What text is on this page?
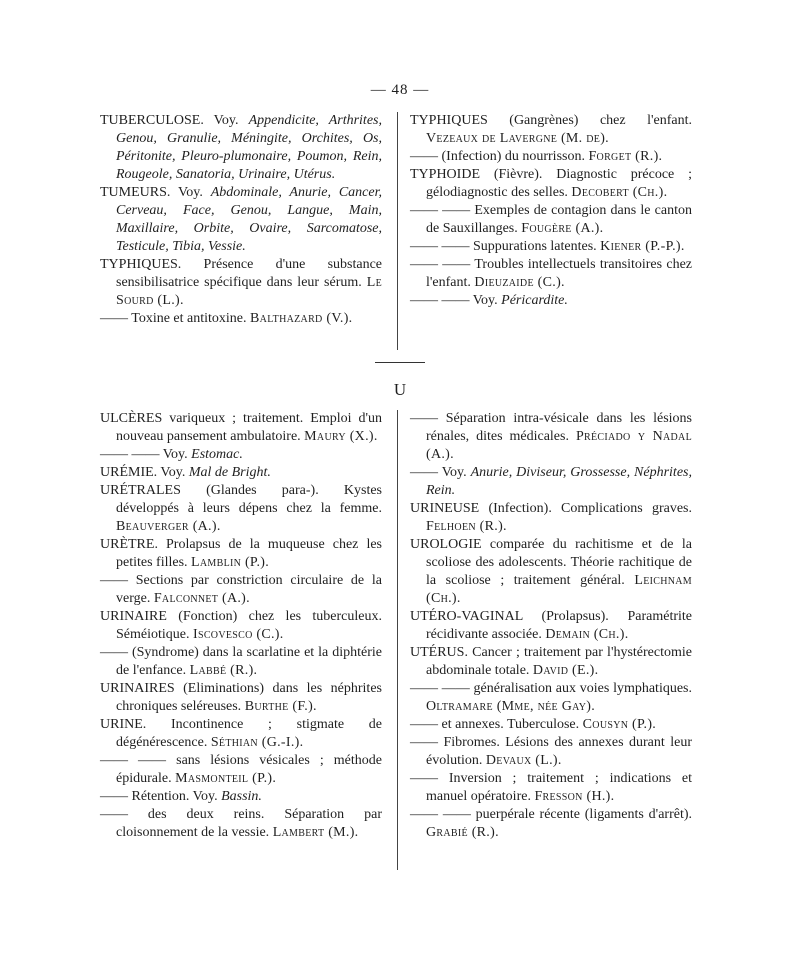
— 48 —

TUBERCULOSE. Voy. Appendicite, Arthrites, Genou, Granulie, Méningite, Orchites, Os, Péritonite, Pleuro-plumonaire, Poumon, Rein, Rougeole, Sanatoria, Urinaire, Utérus.

TUMEURS. Voy. Abdominale, Anurie, Cancer, Cerveau, Face, Genou, Langue, Main, Maxillaire, Orbite, Ovaire, Sarcomatose, Testicule, Tibia, Vessie.

TYPHIQUES. Présence d'une substance sensibilisatrice spécifique dans leur sérum. Le Sourd (L.).

—— Toxine et antitoxine. Balthazard (V.).

TYPHIQUES (Gangrènes) chez l'enfant. Vezeaux de Lavergne (M. de).

—— (Infection) du nourrisson. Forget (R.).

TYPHOIDE (Fièvre). Diagnostic précoce ; gélodiagnostic des selles. Decobert (Ch.).

—— —— Exemples de contagion dans le canton de Sauxillanges. Fougère (A.).

—— —— Suppurations latentes. Kiener (P.-P.).

—— —— Troubles intellectuels transitoires chez l'enfant. Dieuzaide (C.).

—— —— Voy. Péricardite.

U

ULCÈRES variqueux ; traitement. Emploi d'un nouveau pansement ambulatoire. Maury (X.).

—— —— Voy. Estomac.

URÉMIE. Voy. Mal de Bright.

URÉTRALES (Glandes para-). Kystes développés à leurs dépens chez la femme. Beauverger (A.).

URÈTRE. Prolapsus de la muqueuse chez les petites filles. Lamblin (P.).

—— Sections par constriction circulaire de la verge. Falconnet (A.).

URINAIRE (Fonction) chez les tuberculeux. Séméiotique. Iscovesco (C.).

—— (Syndrome) dans la scarlatine et la diphtérie de l'enfance. Labbé (R.).

URINAIRES (Eliminations) dans les néphrites chroniques seléreuses. Burthe (F.).

URINE. Incontinence ; stigmate de dégénérescence. Séthian (G.-I.).

—— —— sans lésions vésicales ; méthode épidurale. Masmonteil (P.).

—— Rétention. Voy. Bassin.

—— des deux reins. Séparation par cloisonnement de la vessie. Lambert (M.).

—— Séparation intra-vésicale dans les lésions rénales, dites médicales. Préciado y Nadal (A.).

—— Voy. Anurie, Diviseur, Grossesse, Néphrites, Rein.

URINEUSE (Infection). Complications graves. Felhoen (R.).

UROLOGIE comparée du rachitisme et de la scoliose des adolescents. Théorie rachitique de la scoliose ; traitement général. Leichnam (Ch.).

UTÉRO-VAGINAL (Prolapsus). Paramétrite récidivante associée. Demain (Ch.).

UTÉRUS. Cancer ; traitement par l'hystérectomie abdominale totale. David (E.).

—— —— généralisation aux voies lymphatiques. Oltramare (Mme, née Gay).

—— et annexes. Tuberculose. Cousyn (P.).

—— Fibromes. Lésions des annexes durant leur évolution. Devaux (L.).

—— Inversion ; traitement ; indications et manuel opératoire. Fresson (H.).

—— —— puerpérale récente (ligaments d'arrêt). Grabié (R.).
